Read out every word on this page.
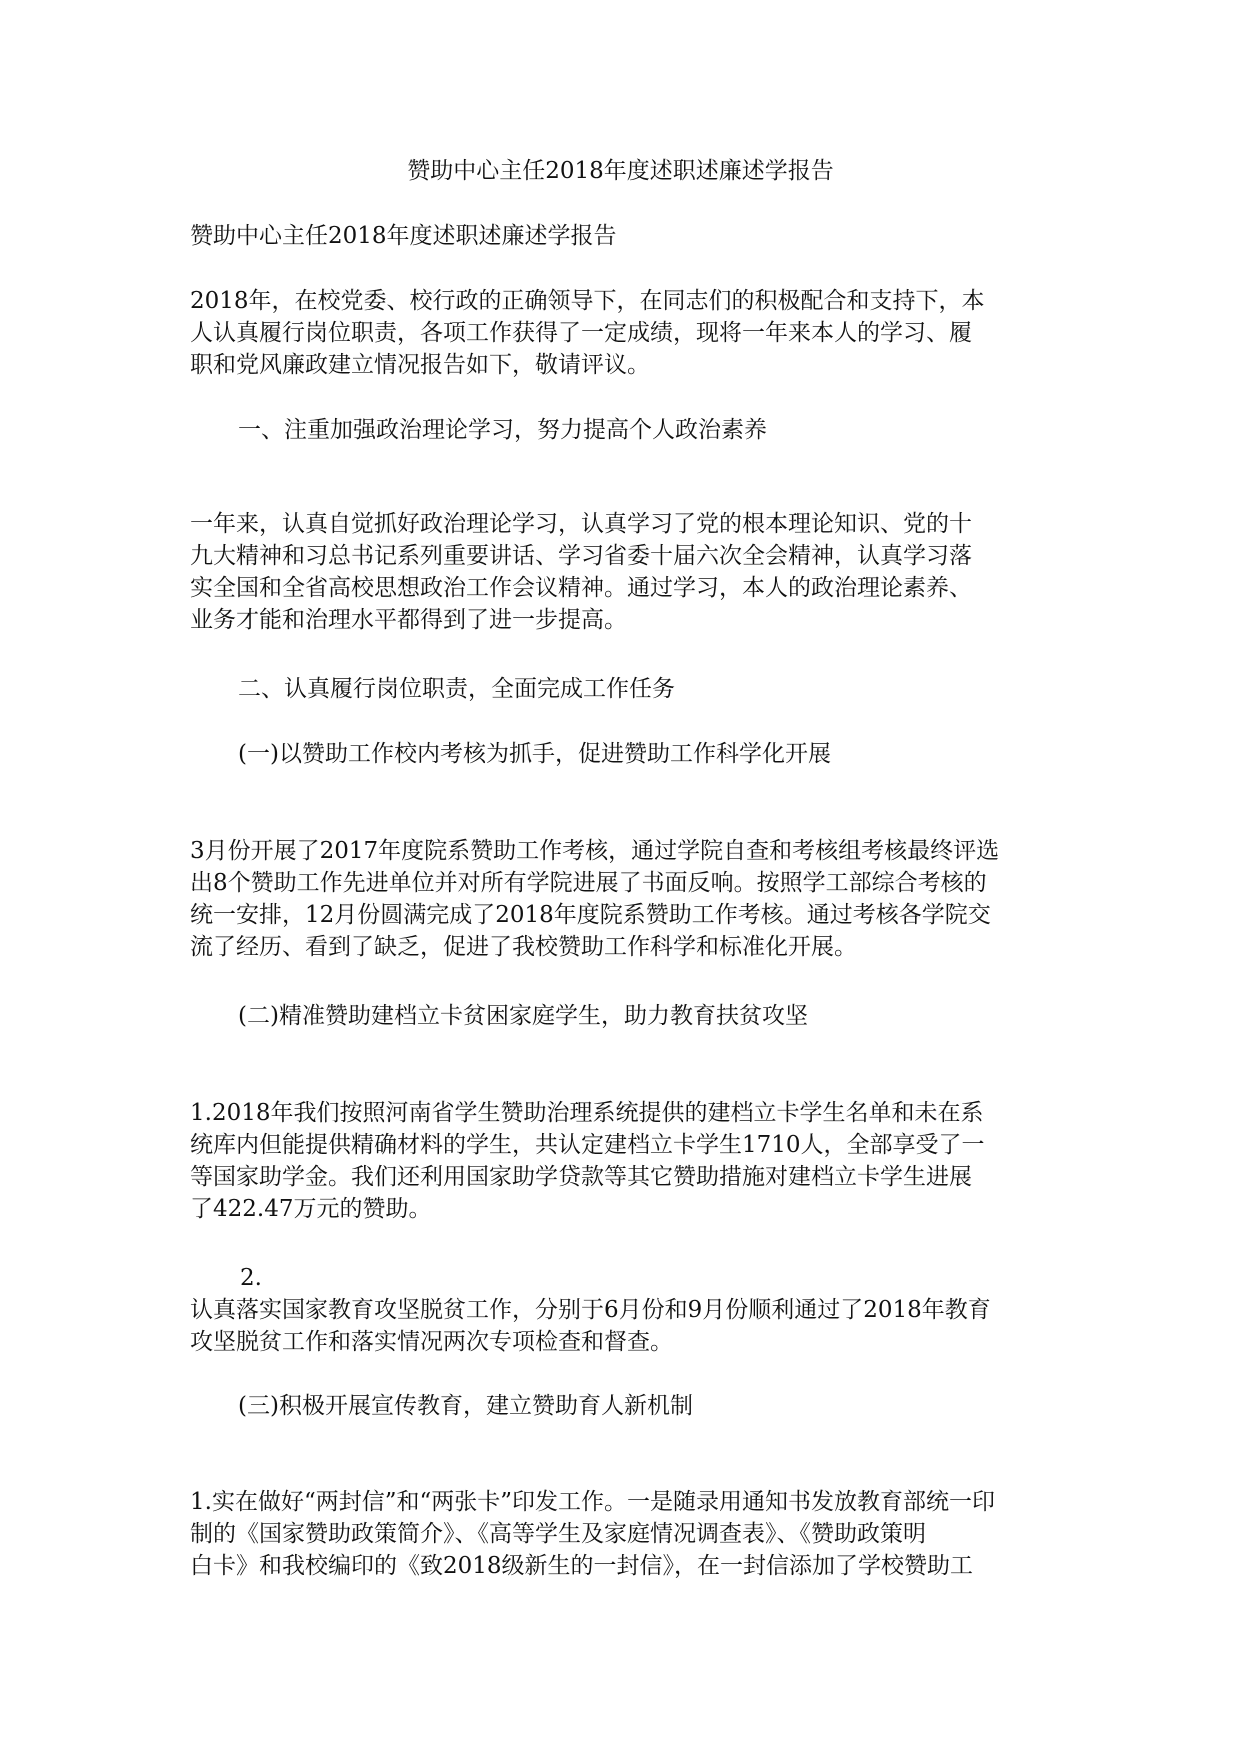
赞助中心主任2018年度述职述廉述学报告

赞助中心主任2018年度述职述廉述学报告

2018年，在校党委、校行政的正确领导下，在同志们的积极配合和支持下，本
人认真履行岗位职责，各项工作获得了一定成绩，现将一年来本人的学习、履
职和党风廉政建立情况报告如下，敬请评议。

一、注重加强政治理论学习，努力提高个人政治素养

一年来，认真自觉抓好政治理论学习，认真学习了党的根本理论知识、党的十
九大精神和习总书记系列重要讲话、学习省委十届六次全会精神，认真学习落
实全国和全省高校思想政治工作会议精神。通过学习，本人的政治理论素养、
业务才能和治理水平都得到了进一步提高。

二、认真履行岗位职责，全面完成工作任务
(一)以赞助工作校内考核为抓手，促进赞助工作科学化开展

3月份开展了2017年度院系赞助工作考核，通过学院自查和考核组考核最终评选
出8个赞助工作先进单位并对所有学院进展了书面反响。按照学工部综合考核的
统一安排，12月份圆满完成了2018年度院系赞助工作考核。通过考核各学院交
流了经历、看到了缺乏，促进了我校赞助工作科学和标准化开展。

(二)精准赞助建档立卡贫困家庭学生，助力教育扶贫攻坚

1.2018年我们按照河南省学生赞助治理系统提供的建档立卡学生名单和未在系
统库内但能提供精确材料的学生，共认定建档立卡学生1710人，全部享受了一
等国家助学金。我们还利用国家助学贷款等其它赞助措施对建档立卡学生进展
了422.47万元的赞助。

2.

认真落实国家教育攻坚脱贫工作，分别于6月份和9月份顺利通过了2018年教育
攻坚脱贫工作和落实情况两次专项检查和督查。

(三)积极开展宣传教育，建立赞助育人新机制

1.实在做好“两封信”和“两张卡”印发工作。一是随录用通知书发放教育部统一印
制的《国家赞助政策简介》、《高等学生及家庭情况调查表》、《赞助政策明
白卡》和我校编印的《致2018级新生的一封信》，在一封信添加了学校赞助工
